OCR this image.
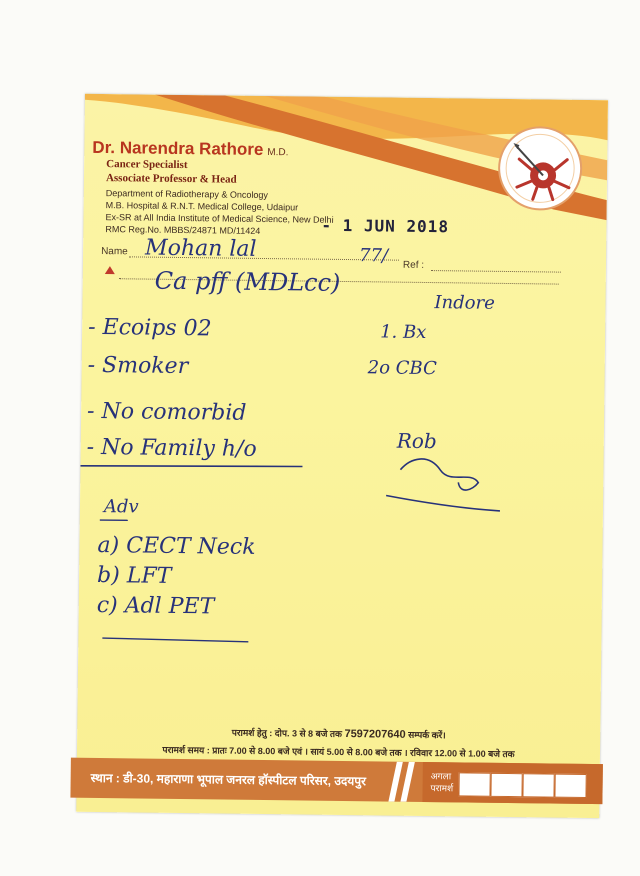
Dr. Narendra Rathore M.D.
Cancer Specialist
Associate Professor & Head
Department of Radiotherapy & Oncology
M.B. Hospital & R.N.T. Medical College, Udaipur
Ex-SR at All India Institute of Medical Science, New Delhi
RMC Reg.No. MBBS/24871 MD/11424	- 1 JUN 2018
Name
Ref :
Mohan lal	77/
Ca pff (MDLcc)
Indore
- Ecoips 02
- Smoker
- No comorbid
- No Family h/o
1. Bx
2o CBC
Rob
Adv
a) CECT Neck
b) LFT
c) Adl PET
परामर्श हेतु : दोप. 3 से 8 बजे तक 7597207640 सम्पर्क करें।
परामर्श समय : प्रातः 7.00 से 8.00 बजे एवं । सायं 5.00 से 8.00 बजे तक । रविवार 12.00 से 1.00 बजे तक
स्थान : डी-30, महाराणा भूपाल जनरल हॉस्पीटल परिसर, उदयपुर	अगला
परामर्श
